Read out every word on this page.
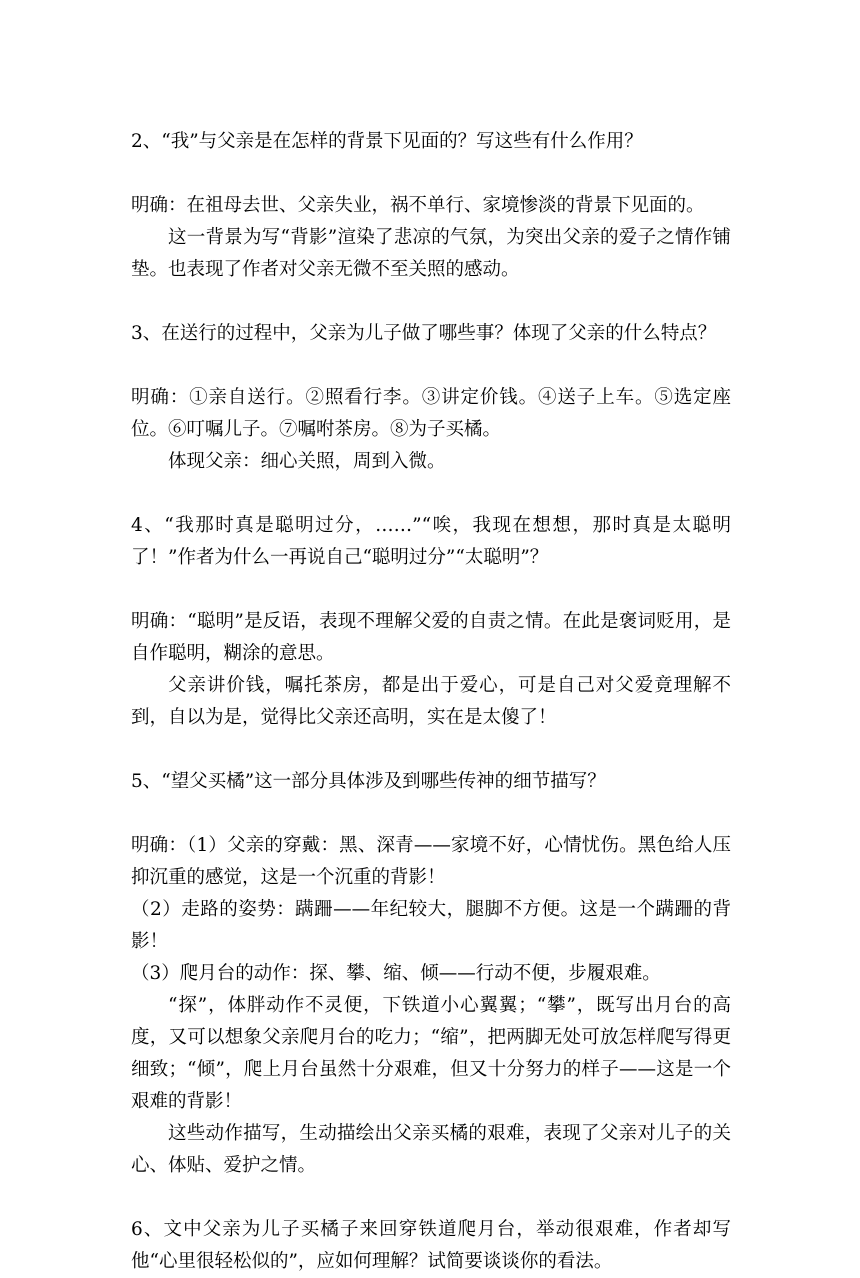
2、“我”与父亲是在怎样的背景下见面的？写这些有什么作用？

明确：在祖母去世、父亲失业，祸不单行、家境惨淡的背景下见面的。

这一背景为写“背影”渲染了悲凉的气氛，为突出父亲的爱子之情作铺垫。也表现了作者对父亲无微不至关照的感动。

3、在送行的过程中，父亲为儿子做了哪些事？体现了父亲的什么特点？

明确：①亲自送行。②照看行李。③讲定价钱。④送子上车。⑤选定座位。⑥叮嘱儿子。⑦嘱咐茶房。⑧为子买橘。

体现父亲：细心关照，周到入微。

4、“我那时真是聪明过分，……”“唉，我现在想想，那时真是太聪明了！”作者为什么一再说自己“聪明过分”“太聪明”？

明确：“聪明”是反语，表现不理解父爱的自责之情。在此是褒词贬用，是自作聪明，糊涂的意思。

父亲讲价钱，嘱托茶房，都是出于爱心，可是自己对父爱竟理解不到，自以为是，觉得比父亲还高明，实在是太傻了！

5、“望父买橘”这一部分具体涉及到哪些传神的细节描写？

明确：（1）父亲的穿戴：黑、深青——家境不好，心情忧伤。黑色给人压抑沉重的感觉，这是一个沉重的背影！

（2）走路的姿势：蹒跚——年纪较大，腿脚不方便。这是一个蹒跚的背影！

（3）爬月台的动作：探、攀、缩、倾——行动不便，步履艰难。

“探”，体胖动作不灵便，下铁道小心翼翼；“攀”，既写出月台的高度，又可以想象父亲爬月台的吃力；“缩”，把两脚无处可放怎样爬写得更细致；“倾”，爬上月台虽然十分艰难，但又十分努力的样子——这是一个艰难的背影！

这些动作描写，生动描绘出父亲买橘的艰难，表现了父亲对儿子的关心、体贴、爱护之情。

6、文中父亲为儿子买橘子来回穿铁道爬月台，举动很艰难，作者却写他“心里很轻松似的”，应如何理解？试简要谈谈你的看法。
